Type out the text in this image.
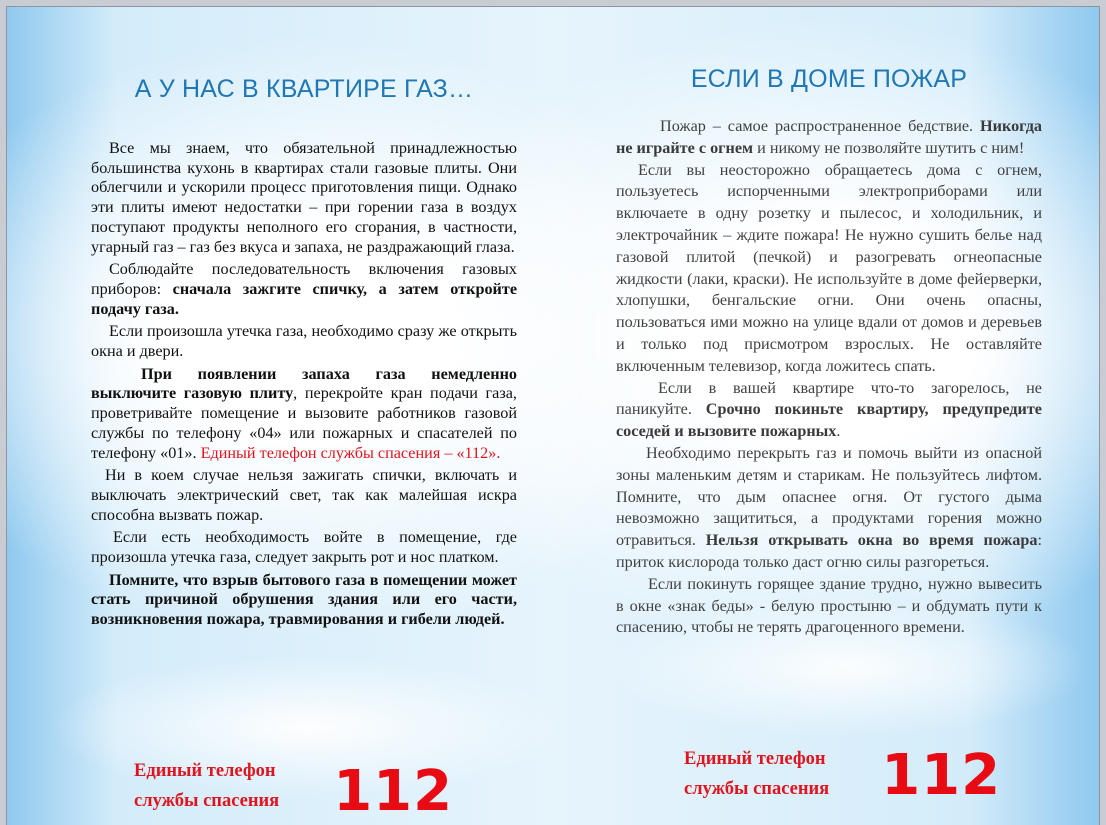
А У НАС В КВАРТИРЕ ГАЗ…

Все мы знаем, что обязательной принадлежностью большинства кухонь в квартирах стали газовые плиты. Они облегчили и ускорили процесс приготовления пищи. Однако эти плиты имеют недостатки – при горении газа в воздух поступают продукты неполного его сгорания, в частности, угарный газ – газ без вкуса и запаха, не раздражающий глаза.

Соблюдайте последовательность включения газовых приборов: сначала зажгите спичку, а затем откройте подачу газа.

Если произошла утечка газа, необходимо сразу же открыть окна и двери.

При появлении запаха газа немедленно выключите газовую плиту, перекройте кран подачи газа, проветривайте помещение и вызовите работников газовой службы по телефону «04» или пожарных и спасателей по телефону «01». Единый телефон службы спасения – «112».

Ни в коем случае нельзя зажигать спички, включать и выключать электрический свет, так как малейшая искра способна вызвать пожар.

Если есть необходимость войте в помещение, где произошла утечка газа, следует закрыть рот и нос платком.

Помните, что взрыв бытового газа в помещении может стать причиной обрушения здания или его части, возникновения пожара, травмирования и гибели людей.

ЕСЛИ В ДОМЕ ПОЖАР

Пожар – самое распространенное бедствие. Никогда не играйте с огнем и никому не позволяйте шутить с ним!

Если вы неосторожно обращаетесь дома с огнем, пользуетесь испорченными электроприборами или включаете в одну розетку и пылесос, и холодильник, и электрочайник – ждите пожара! Не нужно сушить белье над газовой плитой (печкой) и разогревать огнеопасные жидкости (лаки, краски). Не используйте в доме фейерверки, хлопушки, бенгальские огни. Они очень опасны, пользоваться ими можно на улице вдали от домов и деревьев и только под присмотром взрослых. Не оставляйте включенным телевизор, когда ложитесь спать.

Если в вашей квартире что-то загорелось, не паникуйте. Срочно покиньте квартиру, предупредите соседей и вызовите пожарных.

Необходимо перекрыть газ и помочь выйти из опасной зоны маленьким детям и старикам. Не пользуйтесь лифтом. Помните, что дым опаснее огня. От густого дыма невозможно защититься, а продуктами горения можно отравиться. Нельзя открывать окна во время пожара: приток кислорода только даст огню силы разгореться.

Если покинуть горящее здание трудно, нужно вывесить в окне «знак беды» - белую простыню – и обдумать пути к спасению, чтобы не терять драгоценного времени.

Единый телефон
службы спасения 112
Единый телефон
службы спасения 112
